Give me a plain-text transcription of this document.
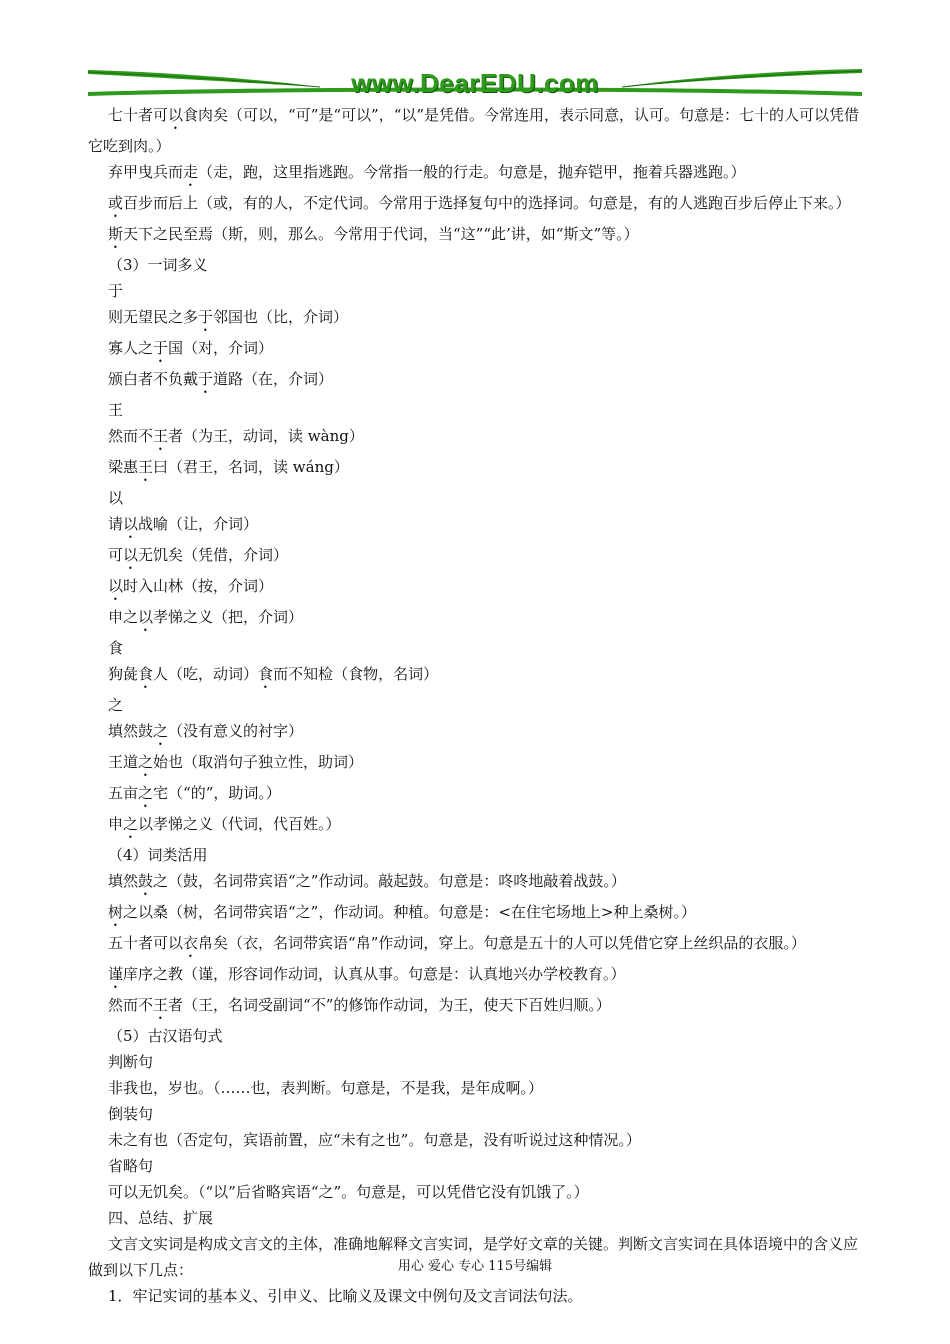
www.DearEDU.com

七十者可以食肉矣（可以，“可”是“可以”，“以”是凭借。今常连用，表示同意，认可。句意是：七十的人可以凭借它吃到肉。）

弃甲曳兵而走（走，跑，这里指逃跑。今常指一般的行走。句意是，抛弃铠甲，拖着兵器逃跑。）

或百步而后上（或，有的人，不定代词。今常用于选择复句中的选择词。句意是，有的人逃跑百步后停止下来。）

斯天下之民至焉（斯，则，那么。今常用于代词，当“这”“此’讲，如“斯文”等。）

（3）一词多义

于

则无望民之多于邻国也（比，介词）

寡人之于国（对，介词）

颁白者不负戴于道路（在，介词）

王

然而不王者（为王，动词，读 wàng）

梁惠王曰（君王，名词，读 wáng）

以

请以战喻（让，介词）

可以无饥矣（凭借，介词）

以时入山林（按，介词）

申之以孝悌之义（把，介词）

食

狗彘食人（吃，动词）食而不知检（食物，名词）

之

填然鼓之（没有意义的衬字）

王道之始也（取消句子独立性，助词）

五亩之宅（“的”，助词。）

申之以孝悌之义（代词，代百姓。）

（4）词类活用

填然鼓之（鼓，名词带宾语“之”作动词。敲起鼓。句意是：咚咚地敲着战鼓。）

树之以桑（树，名词带宾语“之”，作动词。种植。句意是：<在住宅场地上>种上桑树。）

五十者可以衣帛矣（衣，名词带宾语“帛”作动词，穿上。句意是五十的人可以凭借它穿上丝织品的衣服。）

谨庠序之教（谨，形容词作动词，认真从事。句意是：认真地兴办学校教育。）

然而不王者（王，名词受副词“不”的修饰作动词，为王，使天下百姓归顺。）

（5）古汉语句式

判断句

非我也，岁也。（……也，表判断。句意是，不是我，是年成啊。）

倒装句

未之有也（否定句，宾语前置，应“未有之也”。句意是，没有听说过这种情况。）

省略句

可以无饥矣。（“以”后省略宾语“之”。句意是，可以凭借它没有饥饿了。）

四、总结、扩展

文言文实词是构成文言文的主体，准确地解释文言实词，是学好文章的关键。判断文言实词在具体语境中的含义应做到以下几点：

1．牢记实词的基本义、引申义、比喻义及课文中例句及文言词法句法。

用心 爱心 专心 115号编辑
